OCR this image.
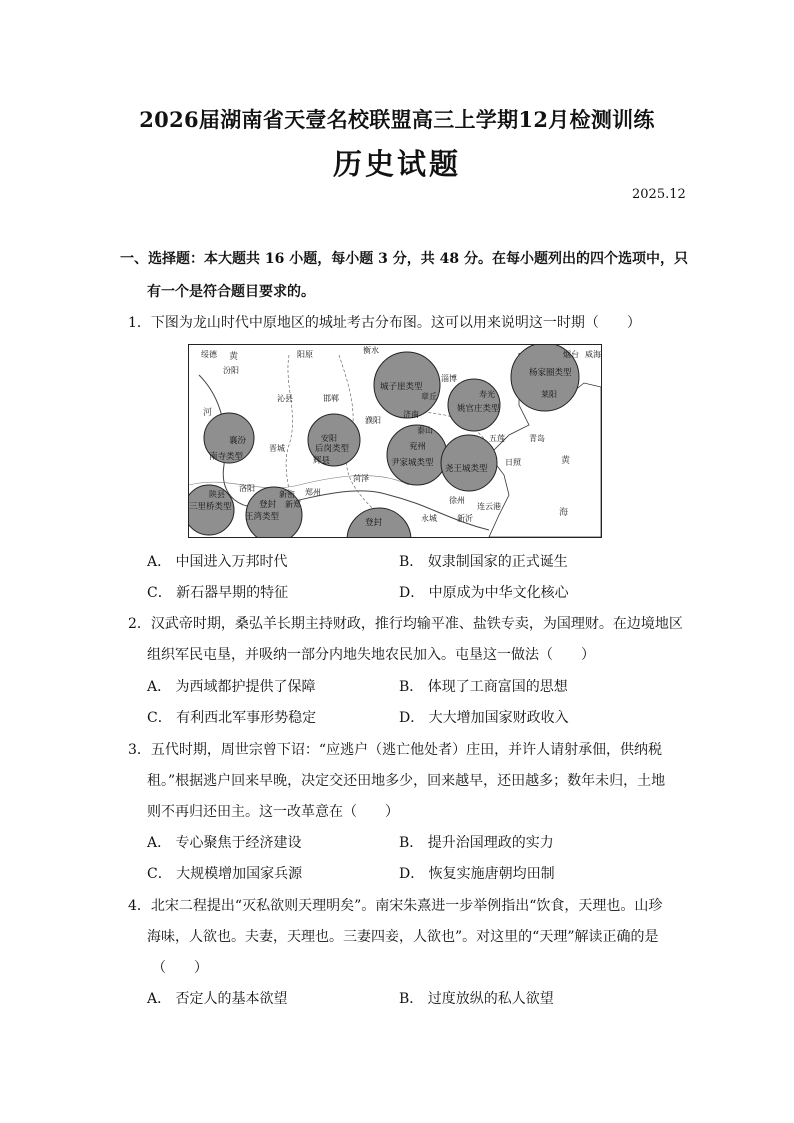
2026届湖南省天壹名校联盟高三上学期12月检测训练
历史试题
2025.12
一、选择题：本大题共 16 小题，每小题 3 分，共 48 分。在每小题列出的四个选项中，只
有一个是符合题目要求的。
1．下图为龙山时代中原地区的城址考古分布图。这可以用来说明这一时期（　　）
绥德 黄
汾阳
阳原	衡水
淄博
莱阳
烟台 威海
沁县	邯郸	章丘	寿光
济南
晋城
安阳
濮阳
泰山
五莲	青岛
日照
洛阳
新密 郑州
新郑
菏泽
连云港
陕县
永城	新沂
海
河
黄
城子崖类型
杨家圈类型
姚官庄类型
后岗类型
南寺类型
尹家城类型
尧王城类型
三里桥类型
王湾类型
襄汾
辉县
兖州
登封
登封
徐州
A． 中国进入万邦时代	B． 奴隶制国家的正式诞生
C． 新石器早期的特征	D． 中原成为中华文化核心
2．汉武帝时期，桑弘羊长期主持财政，推行均输平准、盐铁专卖，为国理财。在边境地区
组织军民屯垦，并吸纳一部分内地失地农民加入。屯垦这一做法（　　）
A． 为西域都护提供了保障	B． 体现了工商富国的思想
C． 有利西北军事形势稳定	D． 大大增加国家财政收入
3．五代时期，周世宗曾下诏：“应逃户（逃亡他处者）庄田，并许人请射承佃，供纳税
租。”根据逃户回来早晚，决定交还田地多少，回来越早，还田越多；数年未归，土地
则不再归还田主。这一改革意在（　　）
A． 专心聚焦于经济建设	B． 提升治国理政的实力
C． 大规模增加国家兵源	D． 恢复实施唐朝均田制
4．北宋二程提出“灭私欲则天理明矣”。南宋朱熹进一步举例指出“饮食，天理也。山珍
海味，人欲也。夫妻，天理也。三妻四妾，人欲也”。对这里的“天理”解读正确的是
（　　）
A． 否定人的基本欲望	B． 过度放纵的私人欲望
